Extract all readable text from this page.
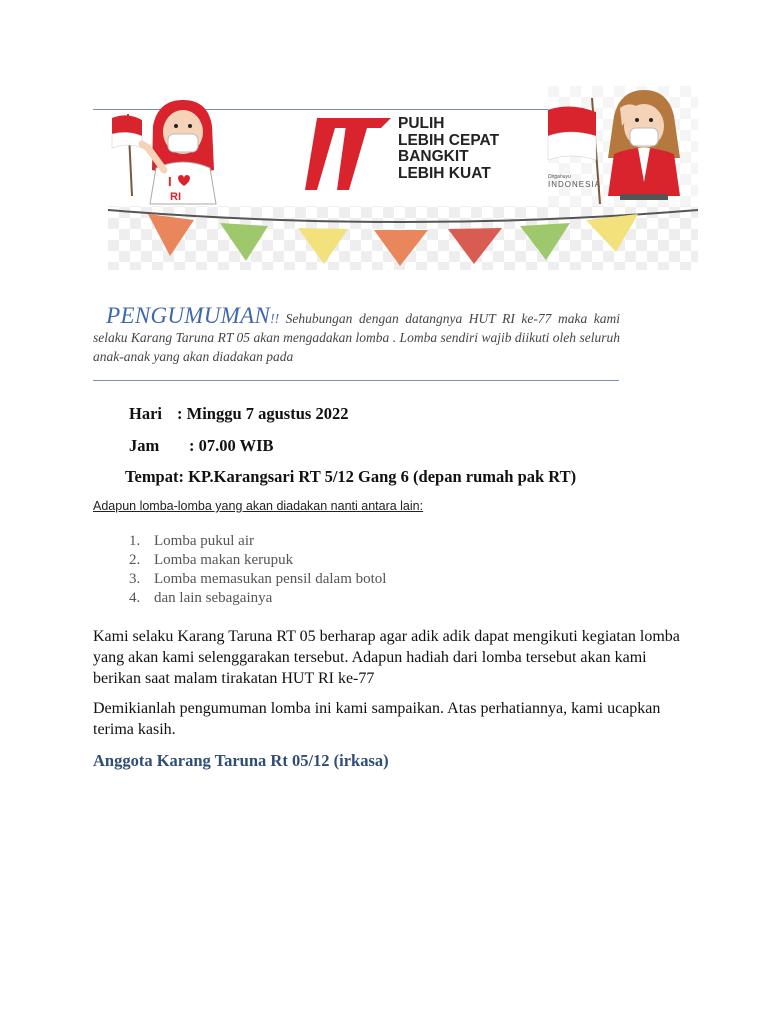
I
RI
PULIH
LEBIH CEPAT
BANGKIT
LEBIH KUAT	Dirgahayu
INDONESIA
PENGUMUMAN!! Sehubungan dengan datangnya HUT RI ke-77 maka kami selaku Karang Taruna RT 05 akan mengadakan lomba . Lomba sendiri wajib diikuti oleh seluruh anak-anak yang akan diadakan pada
Hari : Minggu 7 agustus 2022
Jam : 07.00 WIB
Tempat: KP.Karangsari RT 5/12 Gang 6 (depan rumah pak RT)
Adapun lomba-lomba yang akan diadakan nanti antara lain:
1. Lomba pukul air
2. Lomba makan kerupuk
3. Lomba memasukan pensil dalam botol
4. dan lain sebagainya
Kami selaku Karang Taruna RT 05 berharap agar adik adik dapat mengikuti kegiatan lomba yang akan kami selenggarakan tersebut. Adapun hadiah dari lomba tersebut akan kami berikan saat malam tirakatan HUT RI ke-77
Demikianlah pengumuman lomba ini kami sampaikan. Atas perhatiannya, kami ucapkan terima kasih.
Anggota Karang Taruna Rt 05/12 (irkasa)
